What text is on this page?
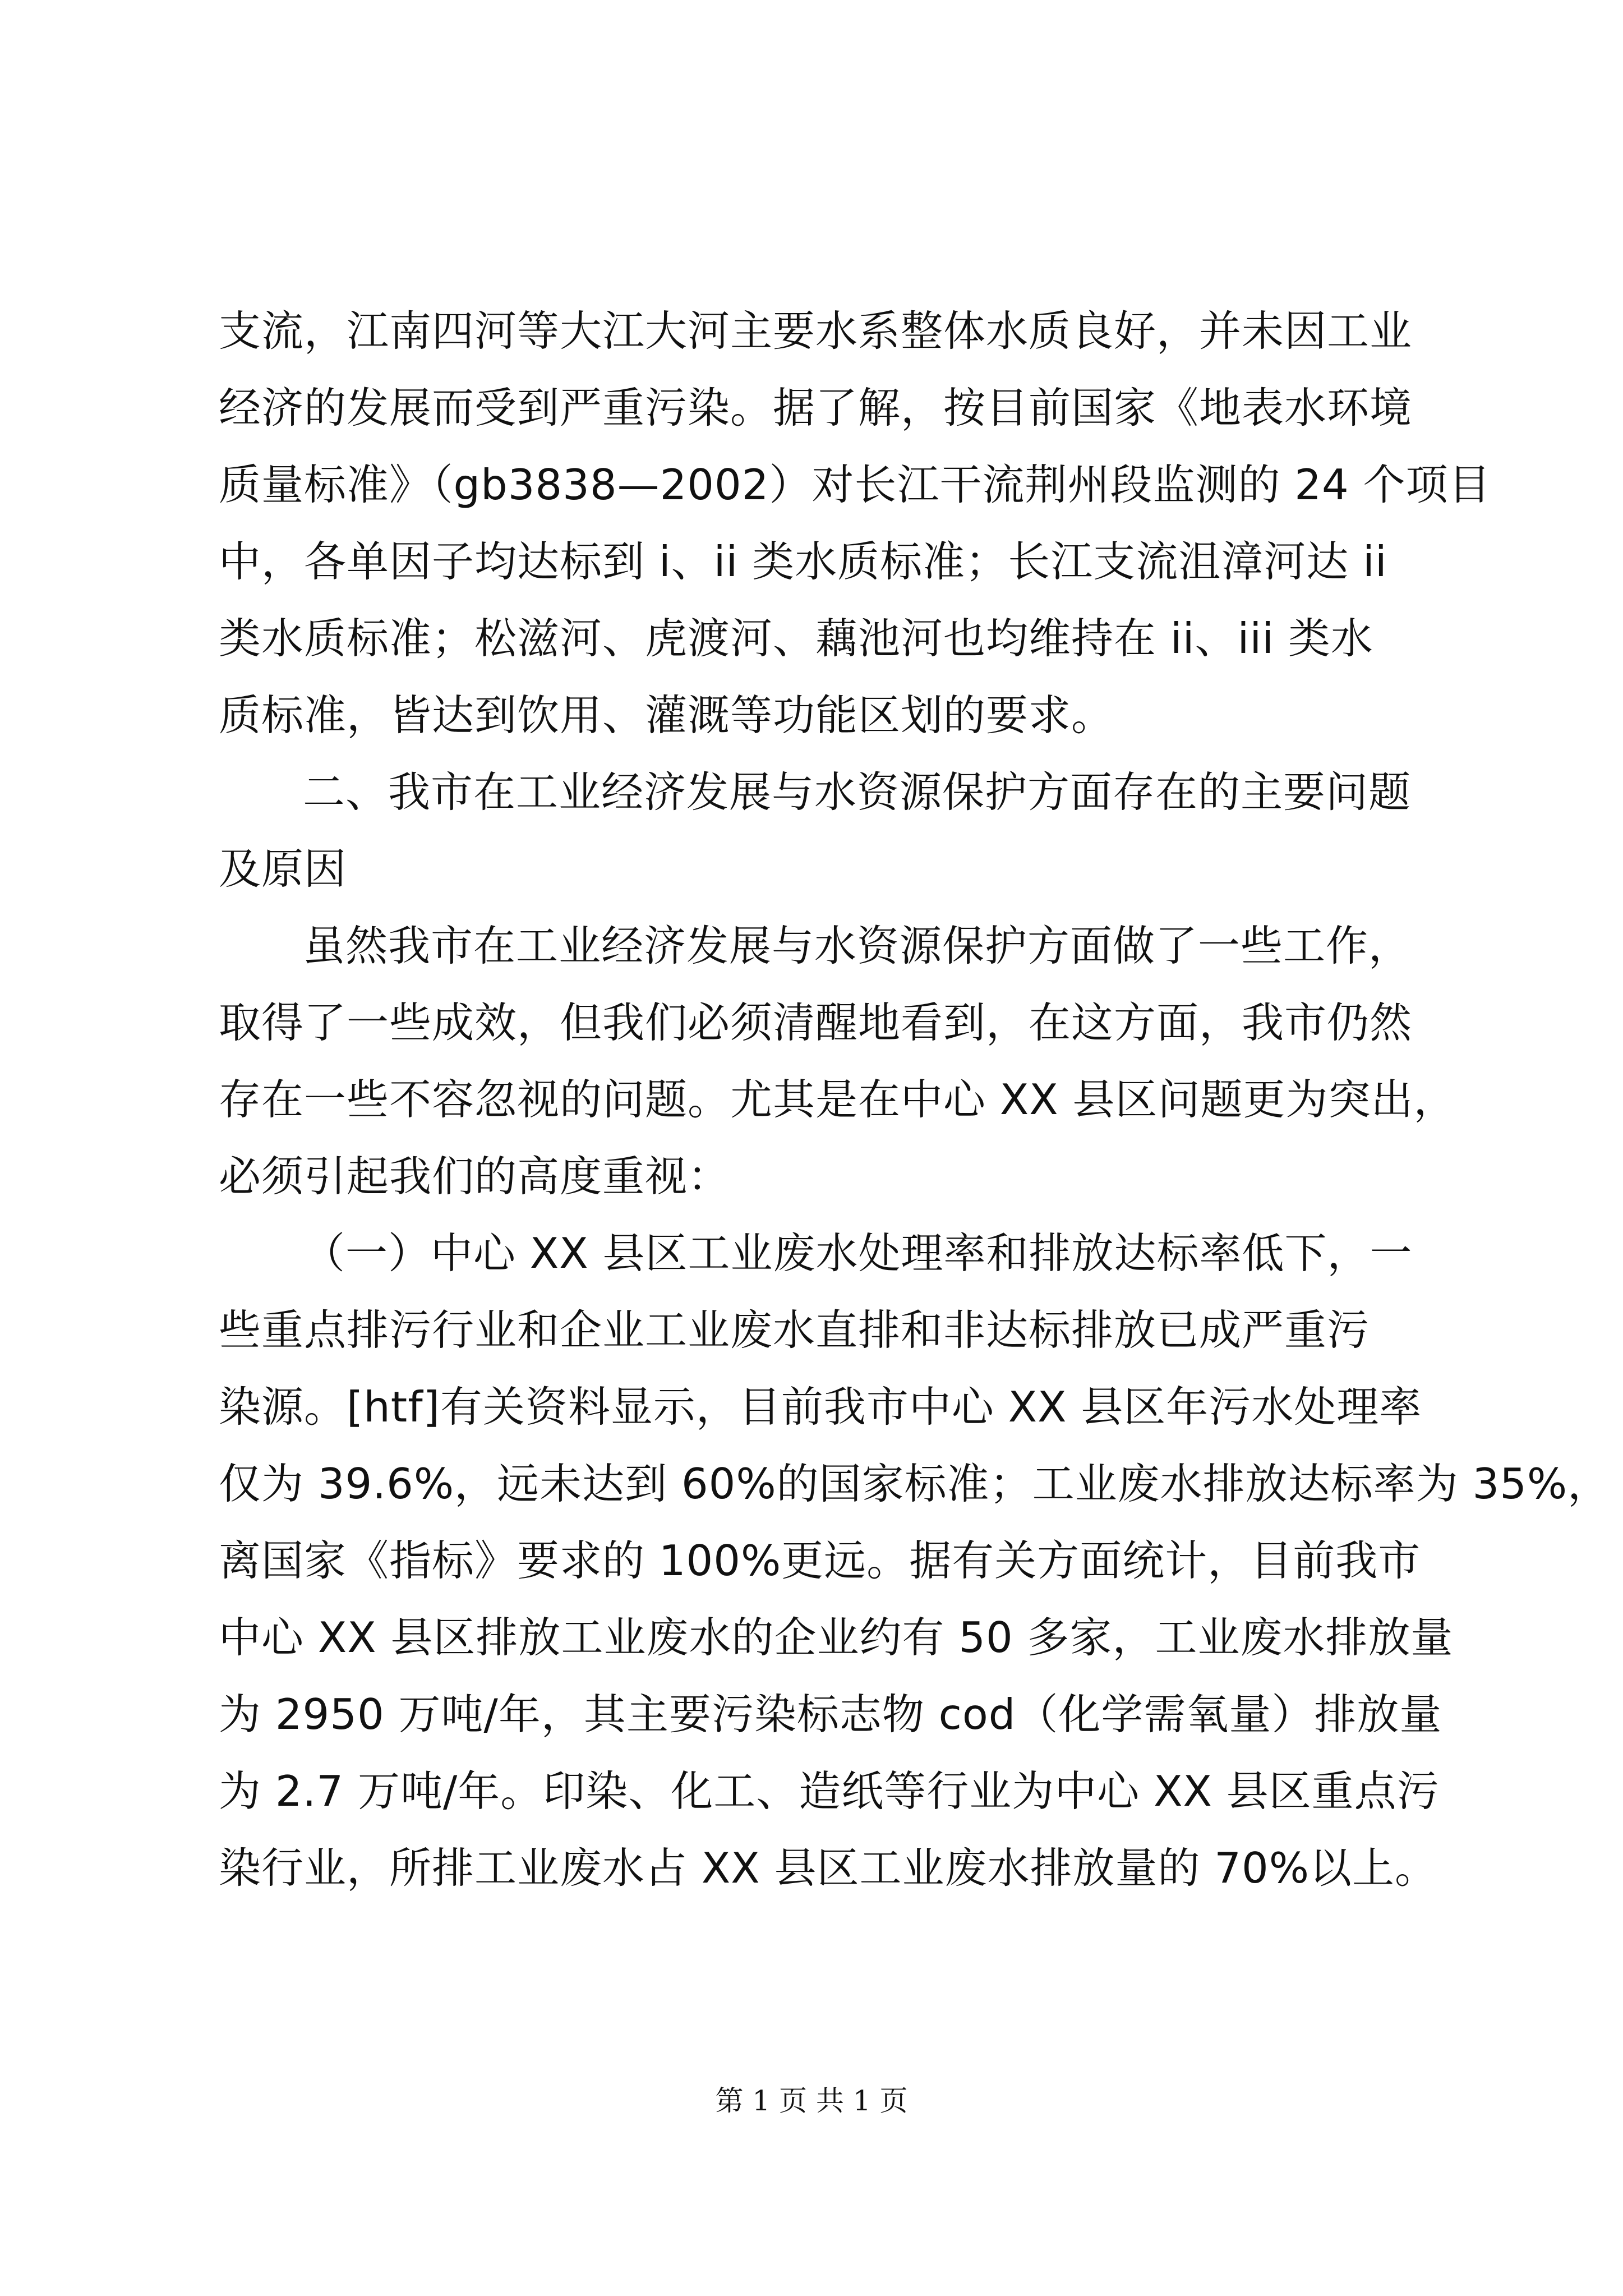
支流，江南四河等大江大河主要水系整体水质良好，并未因工业
经济的发展而受到严重污染。据了解，按目前国家《地表水环境
质量标准》（gb3838—2002）对长江干流荆州段监测的 24 个项目
中，各单因子均达标到 i、ii 类水质标准；长江支流沮漳河达 ii
类水质标准；松滋河、虎渡河、藕池河也均维持在 ii、iii 类水
质标准，皆达到饮用、灌溉等功能区划的要求。
二、我市在工业经济发展与水资源保护方面存在的主要问题
及原因
虽然我市在工业经济发展与水资源保护方面做了一些工作，
取得了一些成效，但我们必须清醒地看到，在这方面，我市仍然
存在一些不容忽视的问题。尤其是在中心 XX 县区问题更为突出，
必须引起我们的高度重视：
（一）中心 XX 县区工业废水处理率和排放达标率低下，一
些重点排污行业和企业工业废水直排和非达标排放已成严重污
染源。[htf]有关资料显示，目前我市中心 XX 县区年污水处理率
仅为 39.6%，远未达到 60%的国家标准；工业废水排放达标率为 35%，
离国家《指标》要求的 100%更远。据有关方面统计，目前我市
中心 XX 县区排放工业废水的企业约有 50 多家，工业废水排放量
为 2950 万吨/年，其主要污染标志物 cod（化学需氧量）排放量
为 2.7 万吨/年。印染、化工、造纸等行业为中心 XX 县区重点污
染行业，所排工业废水占 XX 县区工业废水排放量的 70%以上。
第 1 页 共 1 页
